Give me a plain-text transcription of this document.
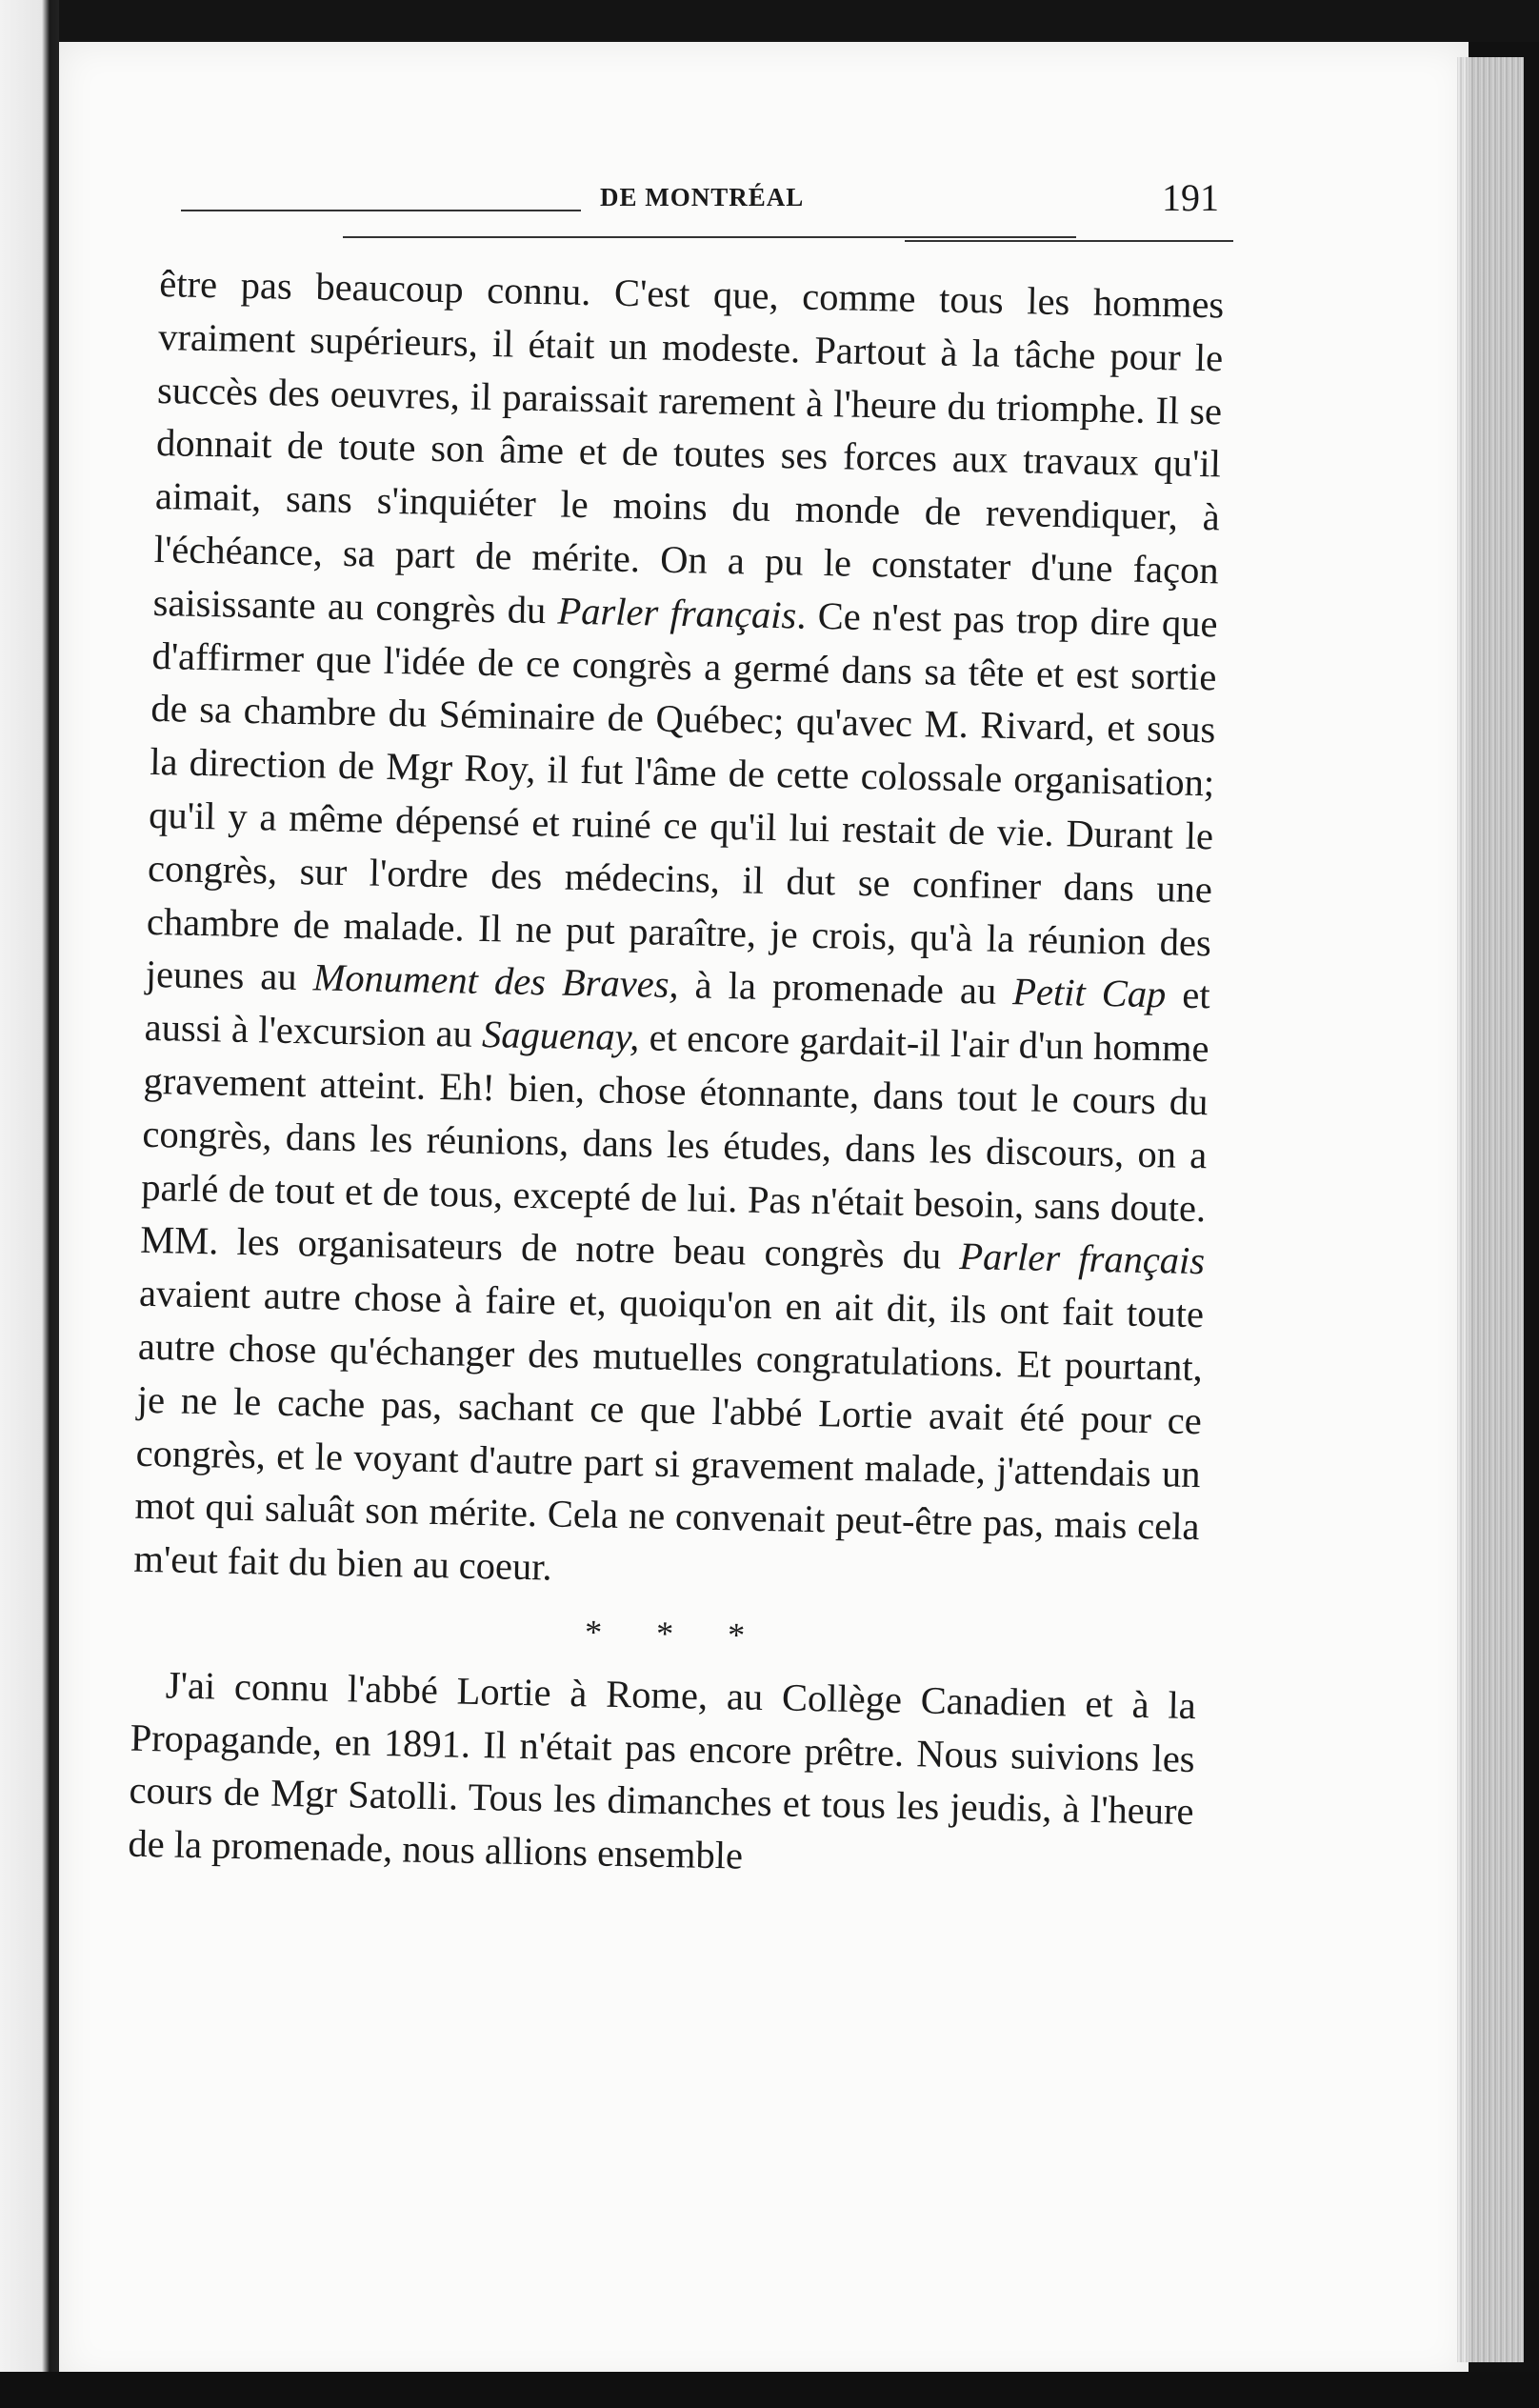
DE MONTRÉAL	191

être pas beaucoup connu. C'est que, comme tous les hommes vraiment supérieurs, il était un modeste. Partout à la tâche pour le succès des oeuvres, il paraissait rarement à l'heure du triomphe. Il se donnait de toute son âme et de toutes ses forces aux travaux qu'il aimait, sans s'inquiéter le moins du monde de revendiquer, à l'échéance, sa part de mérite. On a pu le constater d'une façon saisissante au congrès du Parler français. Ce n'est pas trop dire que d'affirmer que l'idée de ce congrès a germé dans sa tête et est sortie de sa chambre du Séminaire de Québec; qu'avec M. Rivard, et sous la direction de Mgr Roy, il fut l'âme de cette colossale organisation; qu'il y a même dépensé et ruiné ce qu'il lui restait de vie. Durant le congrès, sur l'ordre des médecins, il dut se confiner dans une chambre de malade. Il ne put paraître, je crois, qu'à la réunion des jeunes au Monument des Braves, à la promenade au Petit Cap et aussi à l'excursion au Saguenay, et encore gardait-il l'air d'un homme gravement atteint. Eh! bien, chose étonnante, dans tout le cours du congrès, dans les réunions, dans les études, dans les discours, on a parlé de tout et de tous, excepté de lui. Pas n'était besoin, sans doute. MM. les organisateurs de notre beau congrès du Parler français avaient autre chose à faire et, quoiqu'on en ait dit, ils ont fait toute autre chose qu'échanger des mutuelles congratulations. Et pourtant, je ne le cache pas, sachant ce que l'abbé Lortie avait été pour ce congrès, et le voyant d'autre part si gravement malade, j'attendais un mot qui saluât son mérite. Cela ne convenait peut-être pas, mais cela m'eut fait du bien au coeur.

* * *

J'ai connu l'abbé Lortie à Rome, au Collège Canadien et à la Propagande, en 1891. Il n'était pas encore prêtre. Nous suivions les cours de Mgr Satolli. Tous les dimanches et tous les jeudis, à l'heure de la promenade, nous allions ensemble
